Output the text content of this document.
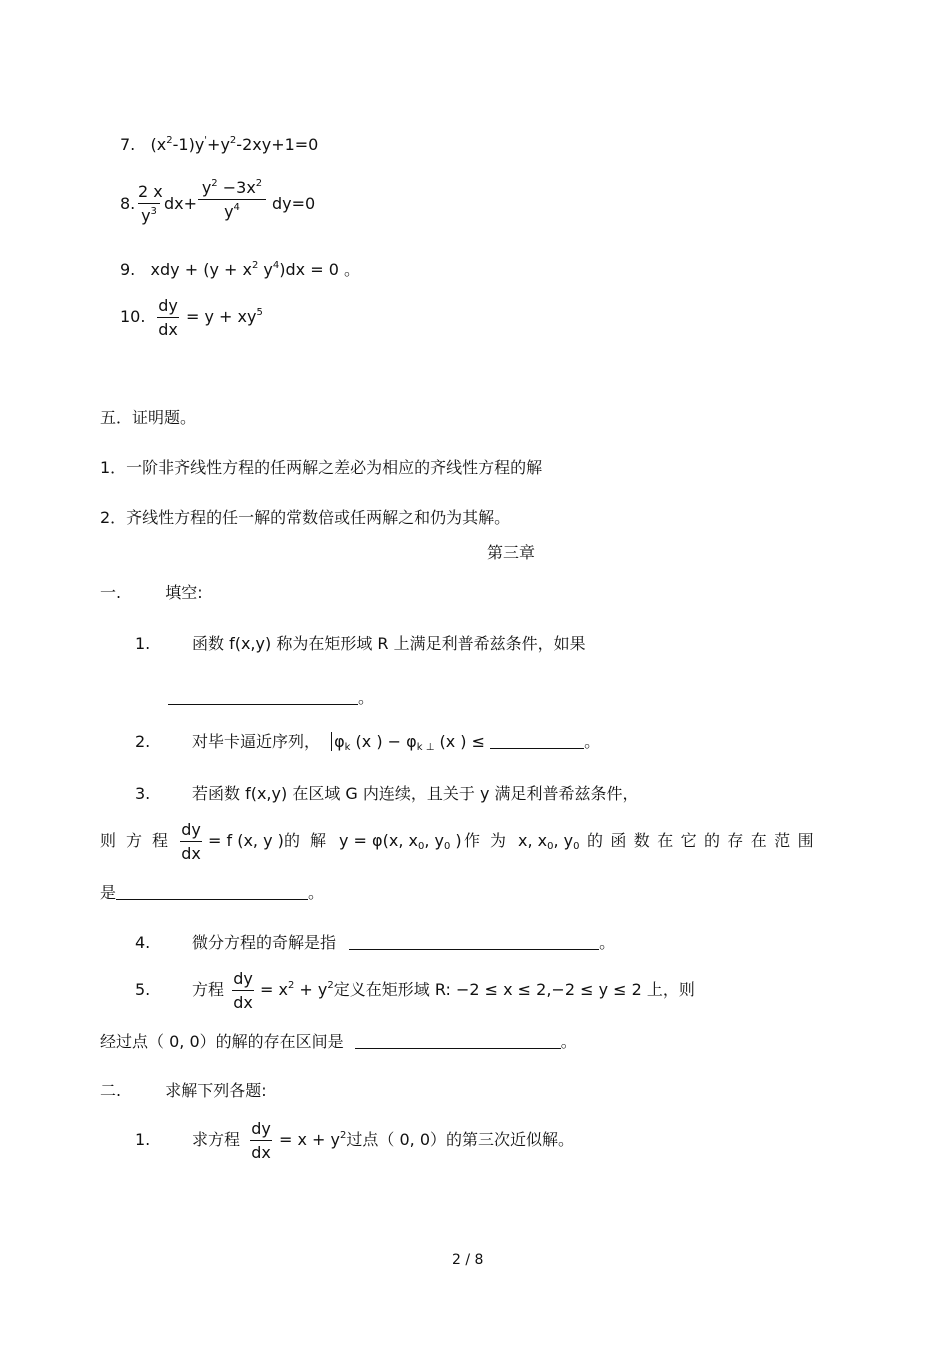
7. $(x^2-1)y'+y^2-2xy+1=0$
8.
2 x
$y^3$ dx+
$y^2 -3x^2$
$y^4$	dy=0
9. xdy + ($y + x^2$ $y^4)dx = 0$ 。
10.
dy
dx
= $y + xy^5$
五．证明题。
1．一阶非齐线性方程的任两解之差必为相应的齐线性方程的解
2．齐线性方程的任一解的常数倍或任两解之和仍为其解。
第三章
一.	填空:
1.	函数 f(x,y) 称为在矩形域 R 上满足利普希兹条件，如果
。
2.	对毕卡逼近序列， $\varphi_k$ (x ) − $\varphi_{k \perp}$ (x ) ≤	。
3.	若函数 f(x,y) 在区域 G 内连续，且关于 y 满足利普希兹条件，
则方程
dy
dx
= f (x, y ) 的解 y = φ(x, $x_0$, $y_0$ ) 作为 x, $x_0$, $y_0$ 的函数在它的存在范围
是	。
4.	微分方程的奇解是指	。
5.	方程
dy
dx
= $x^2 + y^2$定义在矩形域 R: −2 ≤ x ≤ 2,−2 ≤ y ≤ 2 上，则
经过点（ 0, 0）的解的存在区间是	。
二.	求解下列各题:
1.	求方程
dy
dx
= $x + y^2$过点（ 0, 0）的第三次近似解。
2 / 8
